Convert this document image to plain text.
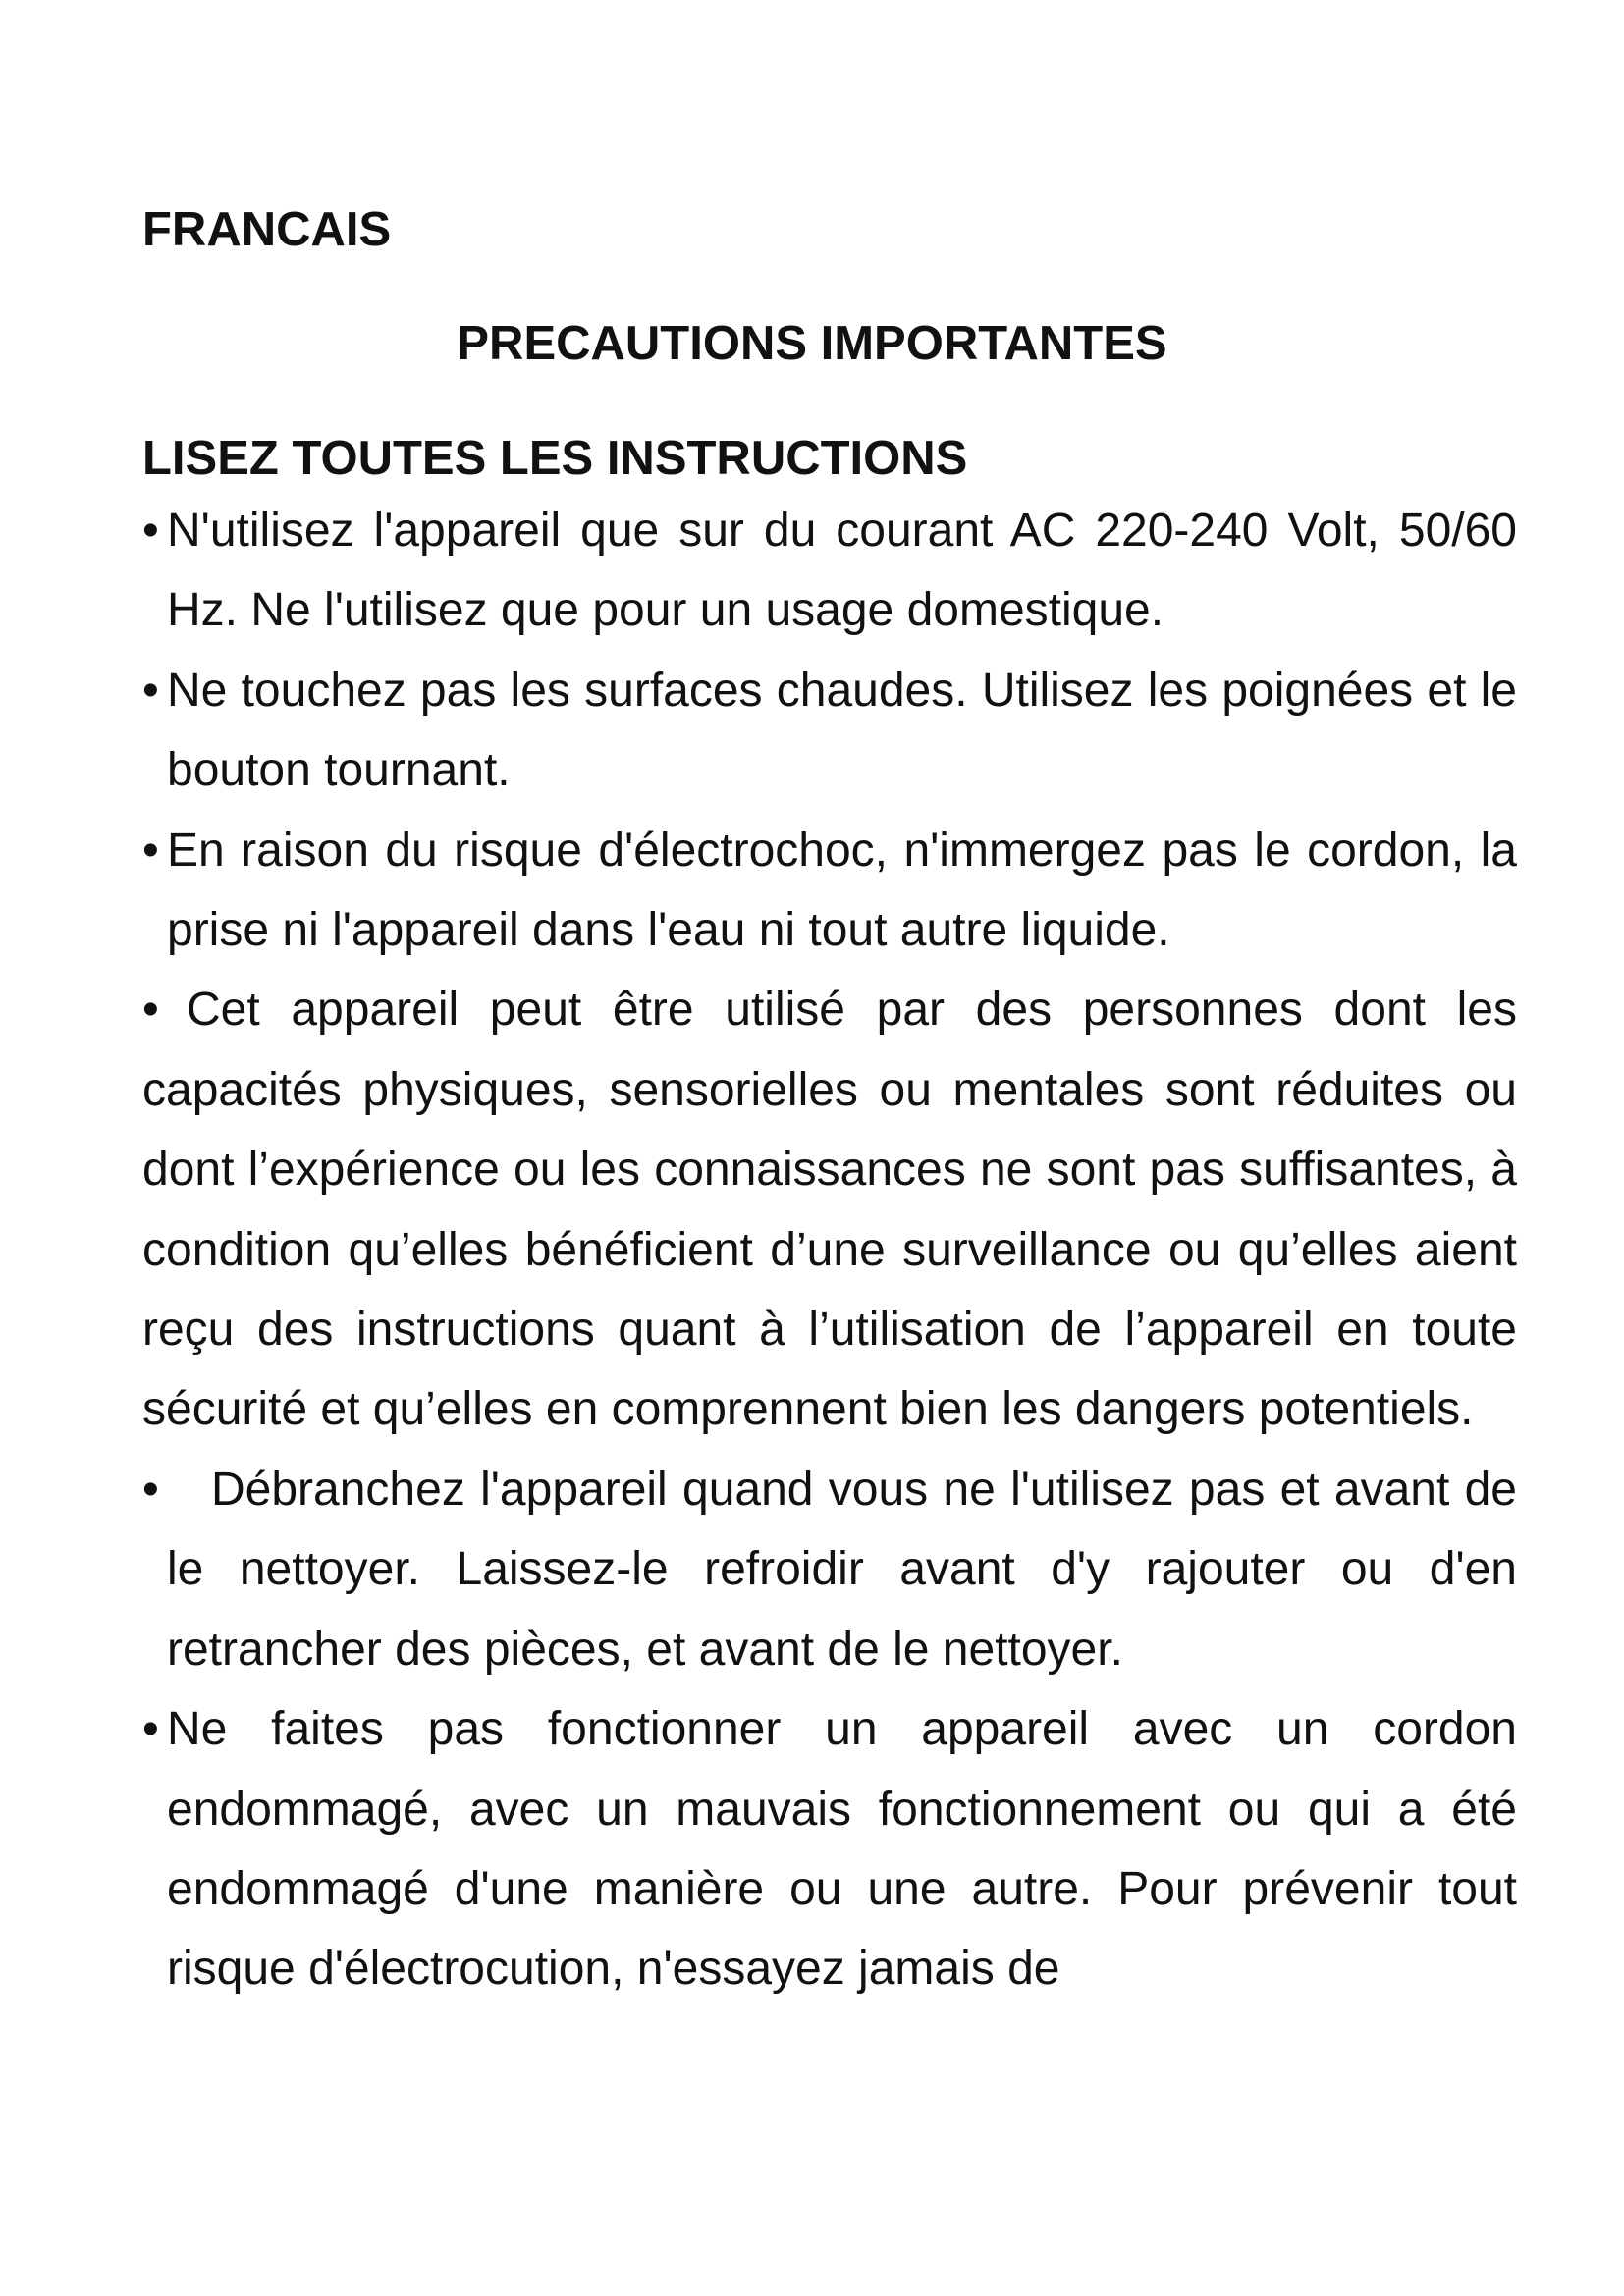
FRANCAIS
PRECAUTIONS IMPORTANTES
LISEZ TOUTES LES INSTRUCTIONS

• N'utilisez l'appareil que sur du courant AC 220-240 Volt, 50/60 Hz. Ne l'utilisez que pour un usage domestique.

• Ne touchez pas les surfaces chaudes. Utilisez les poignées et le bouton tournant.

• En raison du risque d'électrochoc, n'immergez pas le cordon, la prise ni l'appareil dans l'eau ni tout autre liquide.

• Cet appareil peut être utilisé par des personnes dont les capacités physiques, sensorielles ou mentales sont réduites ou dont l’expérience ou les connaissances ne sont pas suffisantes, à condition qu’elles bénéficient d’une surveillance ou qu’elles aient reçu des instructions quant à l’utilisation de l’appareil en toute sécurité et qu’elles en comprennent bien les dangers potentiels.

• Débranchez l'appareil quand vous ne l'utilisez pas et avant de le nettoyer. Laissez-le refroidir avant d'y rajouter ou d'en retrancher des pièces, et avant de le nettoyer.

• Ne faites pas fonctionner un appareil avec un cordon endommagé, avec un mauvais fonctionnement ou qui a été endommagé d'une manière ou une autre. Pour prévenir tout risque d'électrocution, n'essayez jamais de
